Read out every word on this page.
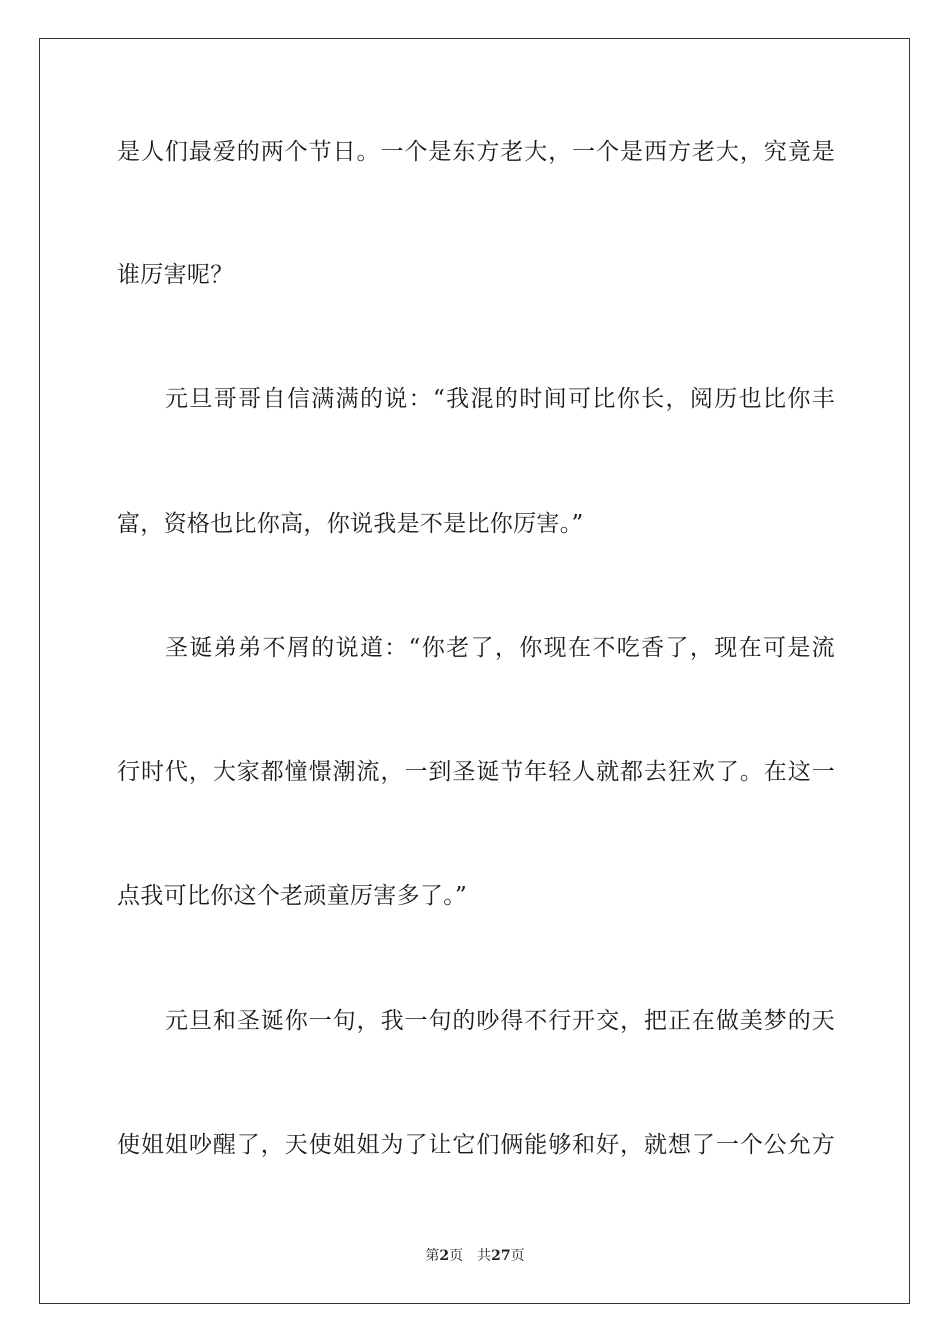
是人们最爱的两个节日。一个是东方老大，一个是西方老大，究竟是
谁厉害呢？
元旦哥哥自信满满的说：“我混的时间可比你长，阅历也比你丰
富，资格也比你高，你说我是不是比你厉害。”
圣诞弟弟不屑的说道：“你老了，你现在不吃香了，现在可是流
行时代，大家都憧憬潮流，一到圣诞节年轻人就都去狂欢了。在这一
点我可比你这个老顽童厉害多了。”
元旦和圣诞你一句，我一句的吵得不行开交，把正在做美梦的天
使姐姐吵醒了，天使姐姐为了让它们俩能够和好，就想了一个公允方
第2页 共27页
